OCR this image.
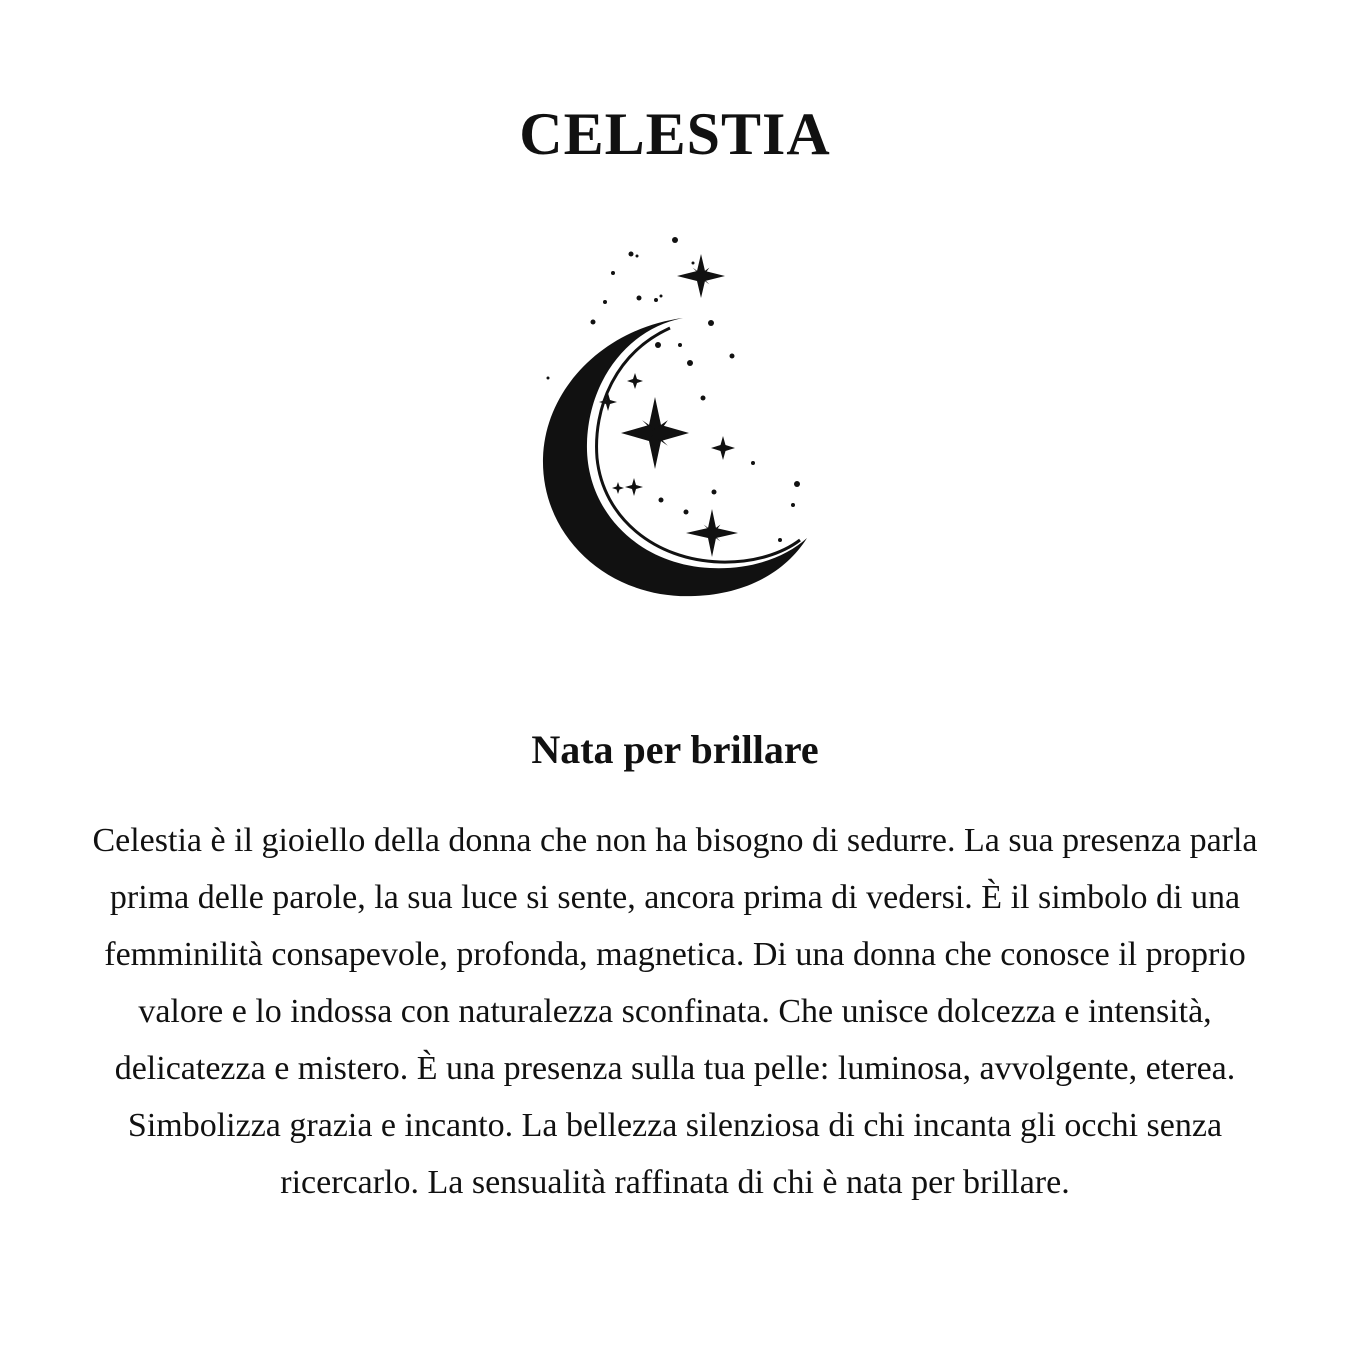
CELESTIA
Nata per brillare

Celestia è il gioiello della donna che non ha bisogno di sedurre. La sua presenza parla prima delle parole, la sua luce si sente, ancora prima di vedersi. È il simbolo di una femminilità consapevole, profonda, magnetica. Di una donna che conosce il proprio valore e lo indossa con naturalezza sconfinata. Che unisce dolcezza e intensità, delicatezza e mistero. È una presenza sulla tua pelle: luminosa, avvolgente, eterea. Simbolizza grazia e incanto. La bellezza silenziosa di chi incanta gli occhi senza ricercarlo. La sensualità raffinata di chi è nata per brillare.
